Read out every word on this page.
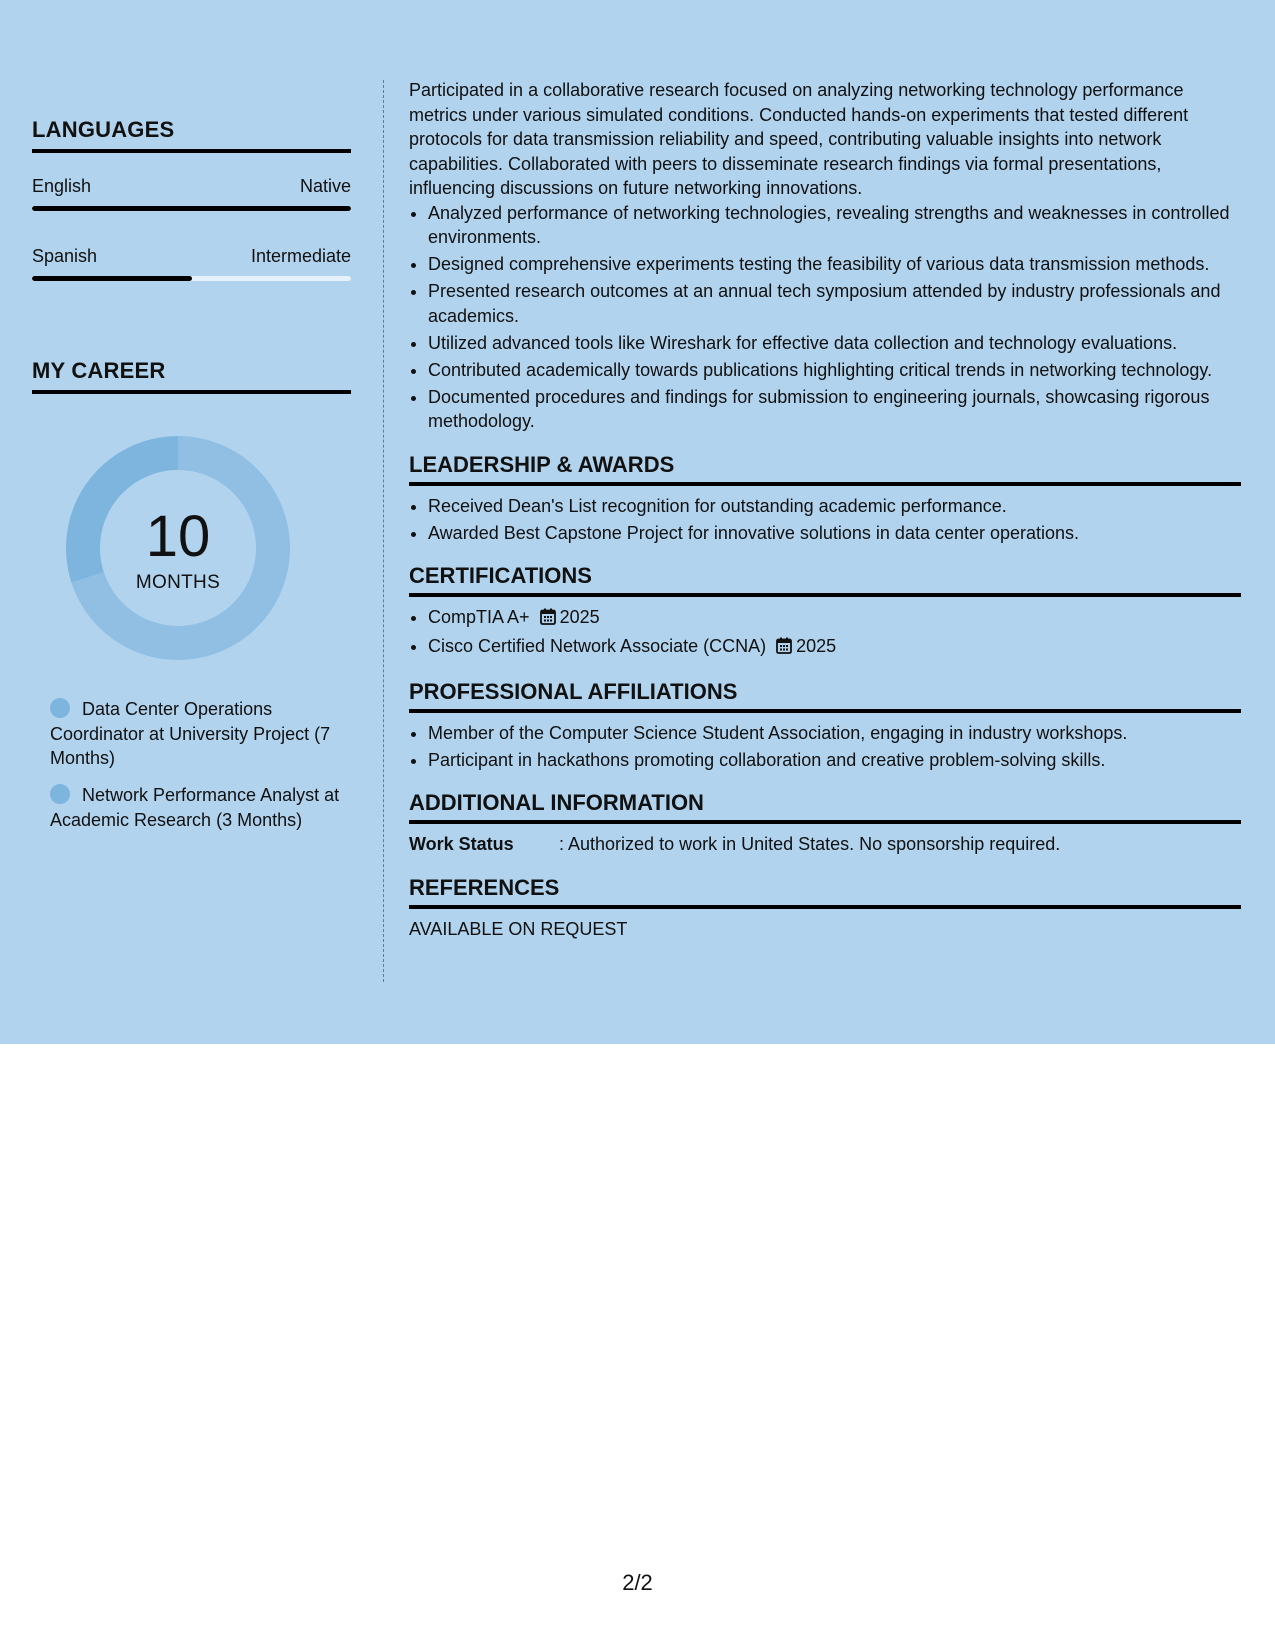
LANGUAGES
English	Native
Spanish	Intermediate
MY CAREER
10
MONTHS
Data Center Operations Coordinator at University Project (7 Months)
Network Performance Analyst at Academic Research (3 Months)

Participated in a collaborative research focused on analyzing networking technology performance metrics under various simulated conditions. Conducted hands-on experiments that tested different protocols for data transmission reliability and speed, contributing valuable insights into network capabilities. Collaborated with peers to disseminate research findings via formal presentations, influencing discussions on future networking innovations.

• Analyzed performance of networking technologies, revealing strengths and weaknesses in controlled environments.
• Designed comprehensive experiments testing the feasibility of various data transmission methods.
• Presented research outcomes at an annual tech symposium attended by industry professionals and academics.
• Utilized advanced tools like Wireshark for effective data collection and technology evaluations.
• Contributed academically towards publications highlighting critical trends in networking technology.
• Documented procedures and findings for submission to engineering journals, showcasing rigorous methodology.
LEADERSHIP & AWARDS
• Received Dean's List recognition for outstanding academic performance.
• Awarded Best Capstone Project for innovative solutions in data center operations.
CERTIFICATIONS
• CompTIA A+ 2025
• Cisco Certified Network Associate (CCNA) 2025
PROFESSIONAL AFFILIATIONS
• Member of the Computer Science Student Association, engaging in industry workshops.
• Participant in hackathons promoting collaboration and creative problem-solving skills.
ADDITIONAL INFORMATION
Work Status	: Authorized to work in United States. No sponsorship required.
REFERENCES
AVAILABLE ON REQUEST
2/2
